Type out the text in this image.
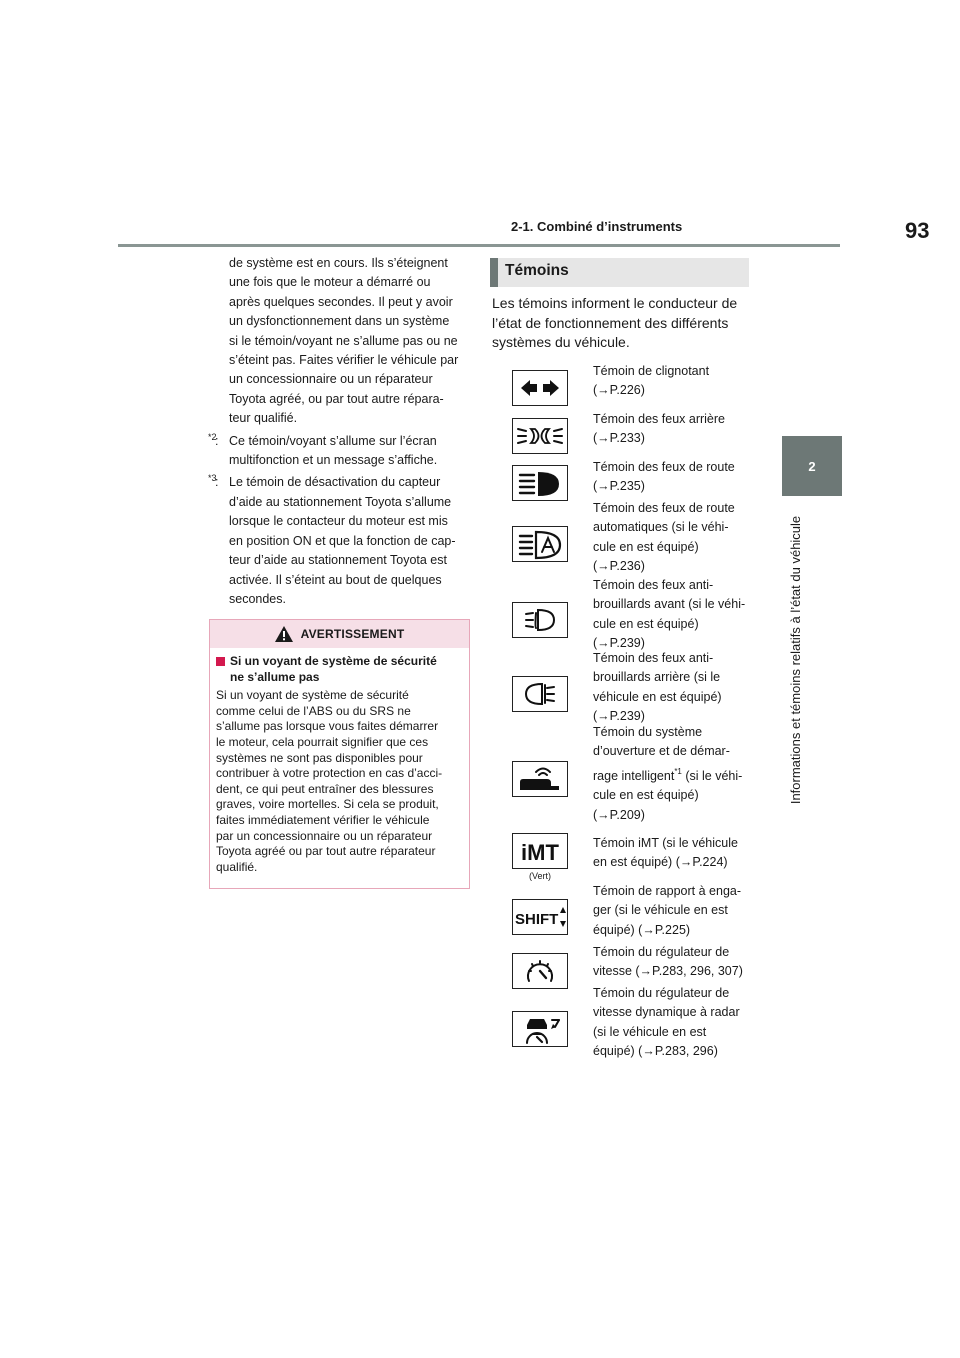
2-1. Combiné d’instruments	93
2
Informations et témoins relatifs à l’état du véhicule
de système est en cours. Ils s’éteignent
une fois que le moteur a démarré ou
après quelques secondes. Il peut y avoir
un dysfonctionnement dans un système
si le témoin/voyant ne s’allume pas ou ne
s’éteint pas. Faites vérifier le véhicule par
un concessionnaire ou un réparateur
Toyota agréé, ou par tout autre répara-
teur qualifié.
*2
: Ce témoin/voyant s’allume sur l’écran
multifonction et un message s’affiche.
*3
: Le témoin de désactivation du capteur
d’aide au stationnement Toyota s’allume
lorsque le contacteur du moteur est mis
en position ON et que la fonction de cap-
teur d’aide au stationnement Toyota est
activée. Il s’éteint au bout de quelques
secondes.
AVERTISSEMENT
Si un voyant de système de sécurité
ne s’allume pas
Si un voyant de système de sécurité
comme celui de l’ABS ou du SRS ne
s’allume pas lorsque vous faites démarrer
le moteur, cela pourrait signifier que ces
systèmes ne sont pas disponibles pour
contribuer à votre protection en cas d’acci-
dent, ce qui peut entraîner des blessures
graves, voire mortelles. Si cela se produit,
faites immédiatement vérifier le véhicule
par un concessionnaire ou un réparateur
Toyota agréé ou par tout autre réparateur
qualifié.
Témoins
Les témoins informent le conducteur de
l’état de fonctionnement des différents
systèmes du véhicule.
Témoin de clignotant
(→P.226)
Témoin des feux arrière
(→P.233)
Témoin des feux de route
(→P.235)
Témoin des feux de route
automatiques (si le véhi-
cule en est équipé)
(→P.236)
Témoin des feux anti-
brouillards avant (si le véhi-
cule en est équipé)
(→P.239)
Témoin des feux anti-
brouillards arrière (si le
véhicule en est équipé)
(→P.239)
Témoin du système
d’ouverture et de démar-
rage intelligent$^{*1}$ (si le véhi-
cule en est équipé)
(→P.209)
iMT
(Vert)
Témoin iMT (si le véhicule
en est équipé) (→P.224)
SHIFT
Témoin de rapport à enga-
ger (si le véhicule en est
équipé) (→P.225)
Témoin du régulateur de
vitesse (→P.283, 296, 307)
Témoin du régulateur de
vitesse dynamique à radar
(si le véhicule en est
équipé) (→P.283, 296)
